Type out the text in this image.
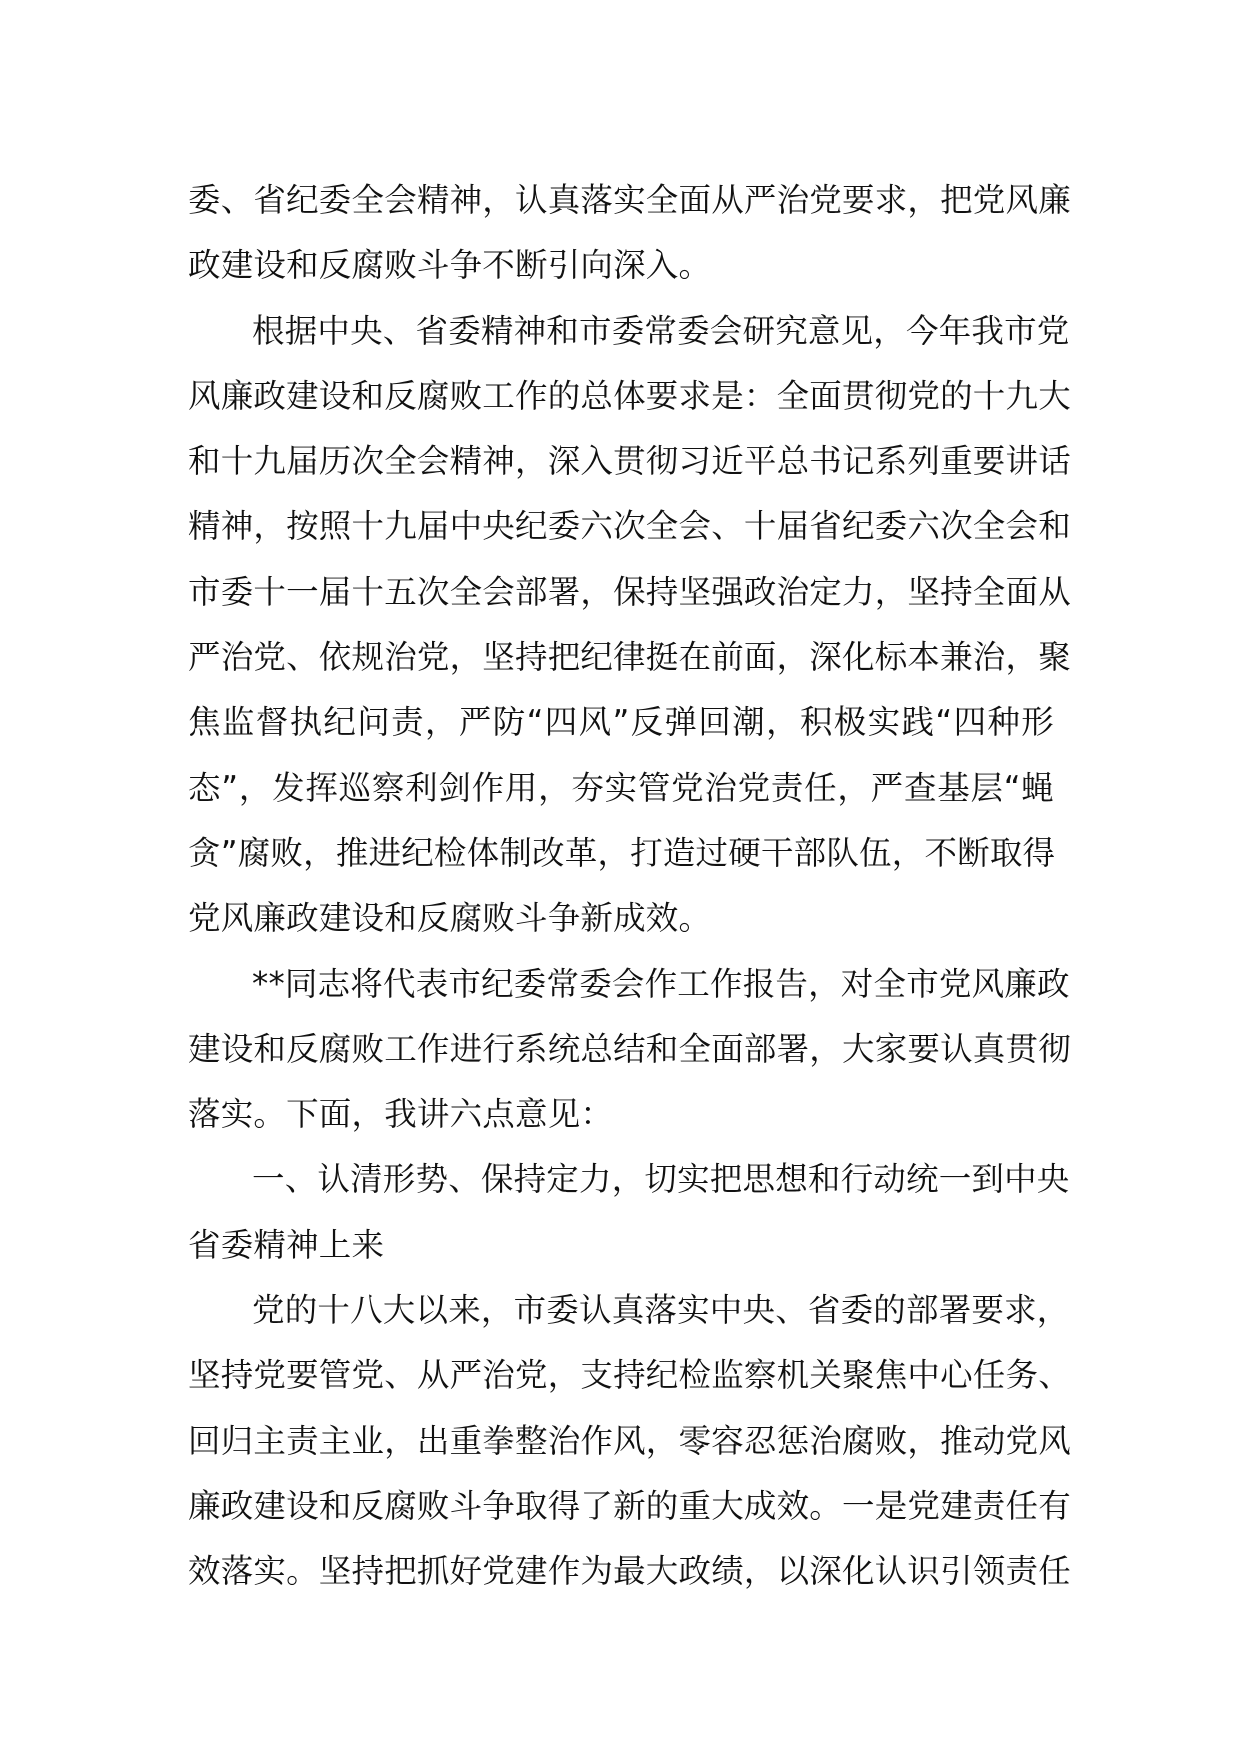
委、省纪委全会精神，认真落实全面从严治党要求，把党风廉
政建设和反腐败斗争不断引向深入。
根据中央、省委精神和市委常委会研究意见，今年我市党
风廉政建设和反腐败工作的总体要求是：全面贯彻党的十九大
和十九届历次全会精神，深入贯彻习近平总书记系列重要讲话
精神，按照十九届中央纪委六次全会、十届省纪委六次全会和
市委十一届十五次全会部署，保持坚强政治定力，坚持全面从
严治党、依规治党，坚持把纪律挺在前面，深化标本兼治，聚
焦监督执纪问责，严防“四风”反弹回潮，积极实践“四种形
态”，发挥巡察利剑作用，夯实管党治党责任，严查基层“蝇
贪”腐败，推进纪检体制改革，打造过硬干部队伍，不断取得
党风廉政建设和反腐败斗争新成效。
**同志将代表市纪委常委会作工作报告，对全市党风廉政
建设和反腐败工作进行系统总结和全面部署，大家要认真贯彻
落实。下面，我讲六点意见：
一、认清形势、保持定力，切实把思想和行动统一到中央
省委精神上来
党的十八大以来，市委认真落实中央、省委的部署要求，
坚持党要管党、从严治党，支持纪检监察机关聚焦中心任务、
回归主责主业，出重拳整治作风，零容忍惩治腐败，推动党风
廉政建设和反腐败斗争取得了新的重大成效。一是党建责任有
效落实。坚持把抓好党建作为最大政绩，以深化认识引领责任
